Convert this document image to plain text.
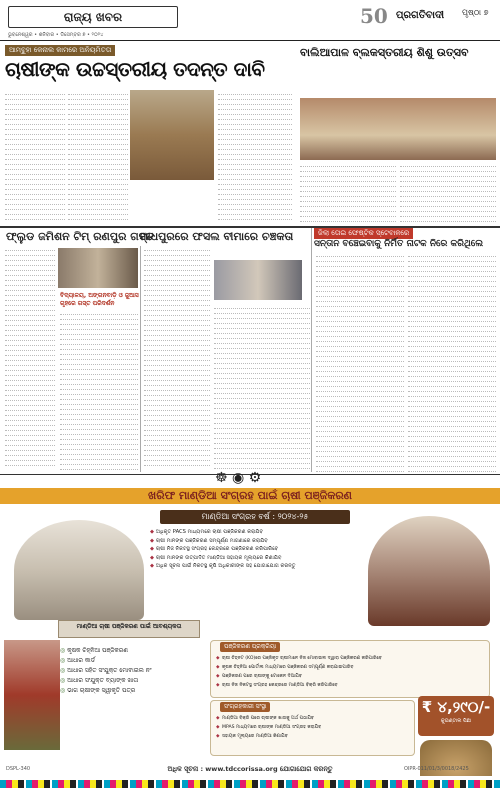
ରାଜ୍ୟ ଖବର
ଭୁବନେଶ୍ୱର • ଶନିବାର • ଡିସେମ୍ବର ୭ • ୨୦୨୪
50 ପ୍ରଗତିବାଦୀ ପୃଷ୍ଠା ୭
ଆମ୍ବୁହା କେନାଲ କାମରେ ଅନିୟମିତତା
ଚାଷୀଙ୍କ ଉଚ୍ଚସ୍ତରୀୟ ତଦନ୍ତ ଦାବି
ବାଲିଆପାଳ ବ୍ଲକସ୍ତରୀୟ ଶିଶୁ ଉତ୍ସବ
ଫ୍ଲୁଡ ଜମିଶନ ଟିମ୍ ରଣପୁର ଗସ୍ତ
ମାଧପୁରରେ ଫସଲ ବୀମାରେ ଚଞ୍ଚକତା	ଜିଲା ତୋଇ ଫେଷ୍ଟିକ ସ୍ଟେବାଳରେ
ସନ୍ତାନ ବଞ୍ଚେଇବାକୁ ନିର୍ମିତ ନାଟକ ନିରେ କରିଥିଲେ
ବିଦ୍ୟାଳୟ, ଅଙ୍ଗନବାଡ଼ି ଓ ଜୁଆସ ଗୃହରେ ଗସ୍ତ ପରିଦର୍ଶନ
☸ ◉ ⚙
ଖରିଫ ମାଣ୍ଡିଆ ସଂଗ୍ରହ ପାଇଁ ଚାଷୀ ପଞ୍ଜିକରଣ
ମାଣ୍ଡିଆ ସଂଗ୍ରହ ବର୍ଷ : ୨୦୨୪-୨୫
◆ ଅଧିକୃତ PACS ମାଧ୍ୟମରେ ଚାଷୀ ପଞ୍ଜିକରଣ କରାଯିବ
◆ ଚାଷୀ ମାନଙ୍କ ପଞ୍ଜିକରଣ ସମ୍ପୂର୍ଣ୍ଣ ମାଗଣାରେ କରାଯିବ
◆ ଚାଷୀ ନିଜ ନିକଟସ୍ଥ ସଂଗ୍ରହ କେନ୍ଦ୍ରରେ ପଞ୍ଜିକରଣ କରିପାରିବେ
◆ ଚାଷୀ ମାନଙ୍କ ଉତ୍ପାଦିତ ମାଣ୍ଡିଆ ସହାୟକ ମୂଲ୍ୟରେ କିଣାଯିବ
◆ ଅଧିକ ସୂଚନା ପାଇଁ ନିକଟସ୍ଥ କୃଷି ଅଧିକାରୀଙ୍କ ସହ ଯୋଗାଯୋଗ କରନ୍ତୁ
ମାଣ୍ଡିଆ ଚାଷୀ ପଞ୍ଜିକରଣ ପାଇଁ ଆବଶ୍ୟକତା
◎ କୃଷକ ଚିହ୍ନିଆ ପଞ୍ଜିକରଣ
◎ ଆଧାର କାର୍ଡ
◎ ଆଧାର ସହିତ ସଂଯୁକ୍ତ ମୋବାଇଲ ନଂ
◎ ଆଧାର ସଂଯୁକ୍ତ ବ୍ୟାଙ୍କ ଖାତା
◎ ଭାଗ ଚାଷୀଙ୍କ ସ୍ୱୀକୃତି ପତ୍ର
ପଞ୍ଜିକରଣ ପ୍ରକ୍ରିୟା
◆ ଚାଷୀ ଚିହ୍ନଟ (KO)ରେ ପଞ୍ଜିକୃତ ଚାଷୀମାନେ ନିଜ ମୋବାଇଲ ଦ୍ୱାରା ପଞ୍ଜିକରଣ କରିପାରିବେ
◆ କୃଷକ ଚିହ୍ନିଆ ପୋର୍ଟାଲ ମାଧ୍ୟମରେ ପଞ୍ଜିକରଣ ସମ୍ପୂର୍ଣ୍ଣ କରାଯାଇପାରିବ
◆ ପଞ୍ଜିକରଣ ପରେ ଚାଷୀଙ୍କୁ ଟୋକେନ ଦିଆଯିବ
◆ ଚାଷୀ ନିଜ ନିକଟସ୍ଥ ସଂଗ୍ରହ କେନ୍ଦ୍ରରେ ମାଣ୍ଡିଆ ବିକ୍ରି କରିପାରିବେ
ସଂଗ୍ରହକାରୀ ସଂସ୍ଥା
◆ ମାଣ୍ଡିଆ ବିକ୍ରି ପରେ ଚାଷୀଙ୍କ ଖାତାକୁ ଅର୍ଥ ପଠାଯିବ
◆ MPAS ମାଧ୍ୟମରେ ଚାଷୀଙ୍କ ମାଣ୍ଡିଆ ସଂଗ୍ରହ କରାଯିବ
◆ ସହାୟକ ମୂଲ୍ୟରେ ମାଣ୍ଡିଆ କିଣାଯିବ
₹ ୪,୨୯୦/-
କୁଇଣ୍ଟାଲ ପିଛା
ଅଧିକ ସୂଚନା : www.tdccorissa.org ଯୋଗାଯୋଗ କରନ୍ତୁ
DSPL-340	OIPR-011/01/3/0018/2425
